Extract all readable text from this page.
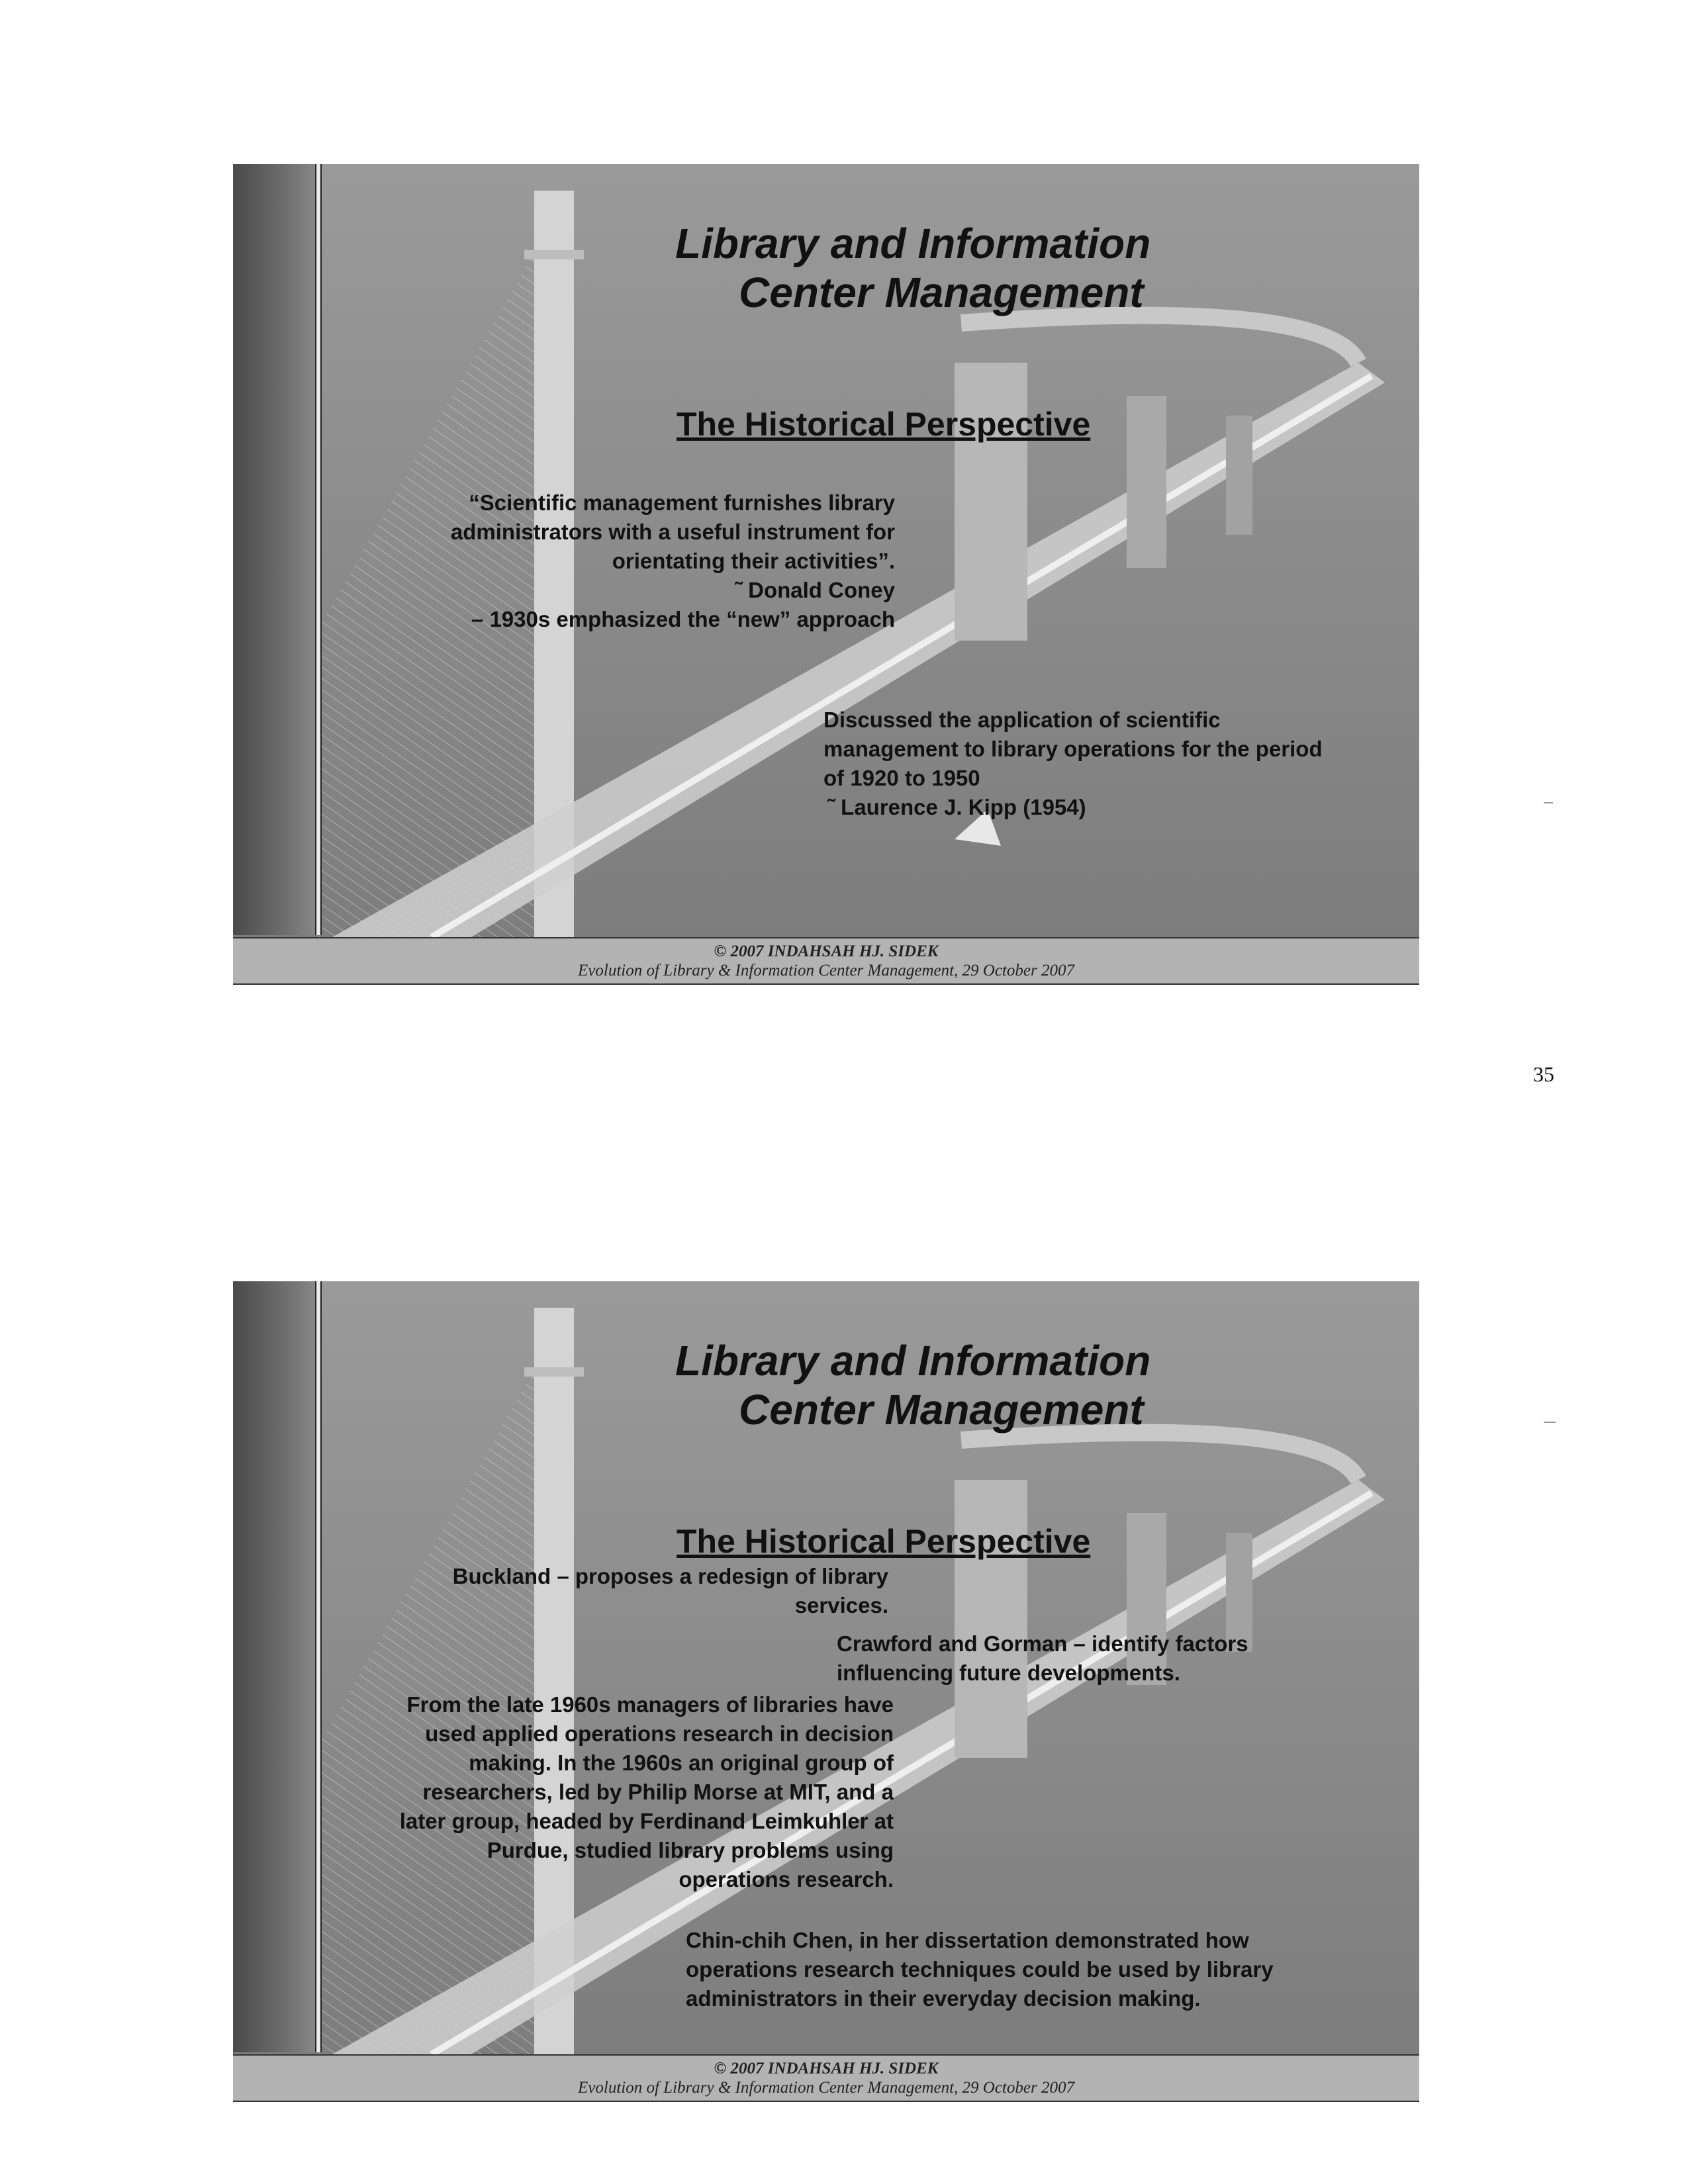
Library and Information
Center Management
The Historical Perspective
“Scientific management furnishes library
administrators with a useful instrument for
orientating their activities”.
˜ Donald Coney
– 1930s emphasized the “new” approach
Discussed the application of scientific
management to library operations for the period
of 1920 to 1950
˜ Laurence J. Kipp (1954)
© 2007 INDAHSAH HJ. SIDEK
Evolution of Library & Information Center Management, 29 October 2007
35
Library and Information
Center Management
The Historical Perspective
Buckland – proposes a redesign of library
services.
Crawford and Gorman – identify factors
influencing future developments.
From the late 1960s managers of libraries have
used applied operations research in decision
making. In the 1960s an original group of
researchers, led by Philip Morse at MIT, and a
later group, headed by Ferdinand Leimkuhler at
Purdue, studied library problems using
operations research.
Chin-chih Chen, in her dissertation demonstrated how
operations research techniques could be used by library
administrators in their everyday decision making.
© 2007 INDAHSAH HJ. SIDEK
Evolution of Library & Information Center Management, 29 October 2007
